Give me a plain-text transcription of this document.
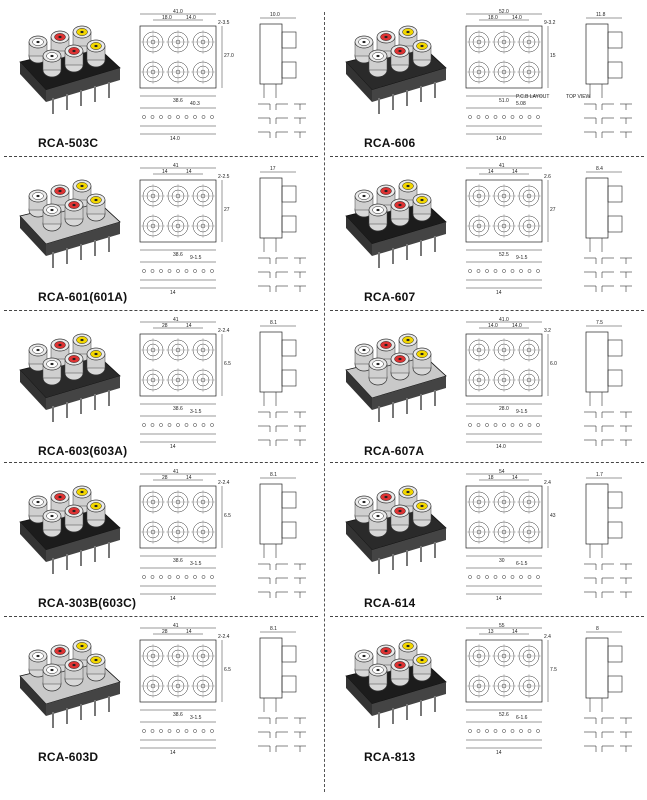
41.0
18.0	14.0
2-3.5
38.6
27.0
10.0
40.3
14.0
RCA-503C
52.0
18.0	14.0
9-3.2
51.0
15
11.8
5.08
14.0
P.C.B LAYOUT	TOP VIEW
RCA-606
41
14	14
2-2.5
38.6
27
17
9-1.5
14
RCA-601(601A)
41
14	14
2.6
52.5
27
8.4
9-1.5
14
RCA-607
41
28	14
2-2.4
38.6
6.5
8.1
3-1.5
14
RCA-603(603A)
41.0
14.0	14.0
3.2
28.0
6.0
7.5
9-1.5
14.0
RCA-607A
41
28	14
2-2.4
38.6
6.5
8.1
3-1.5
14
RCA-303B(603C)
54
18	14
2.4
30
43
1.7
6-1.5
14
RCA-614
41
28	14
2-2.4
38.6
6.5
8.1
3-1.5
14
RCA-603D
55
13	14
2.4
52.6
7.5
8
6-1.6
14
RCA-813
